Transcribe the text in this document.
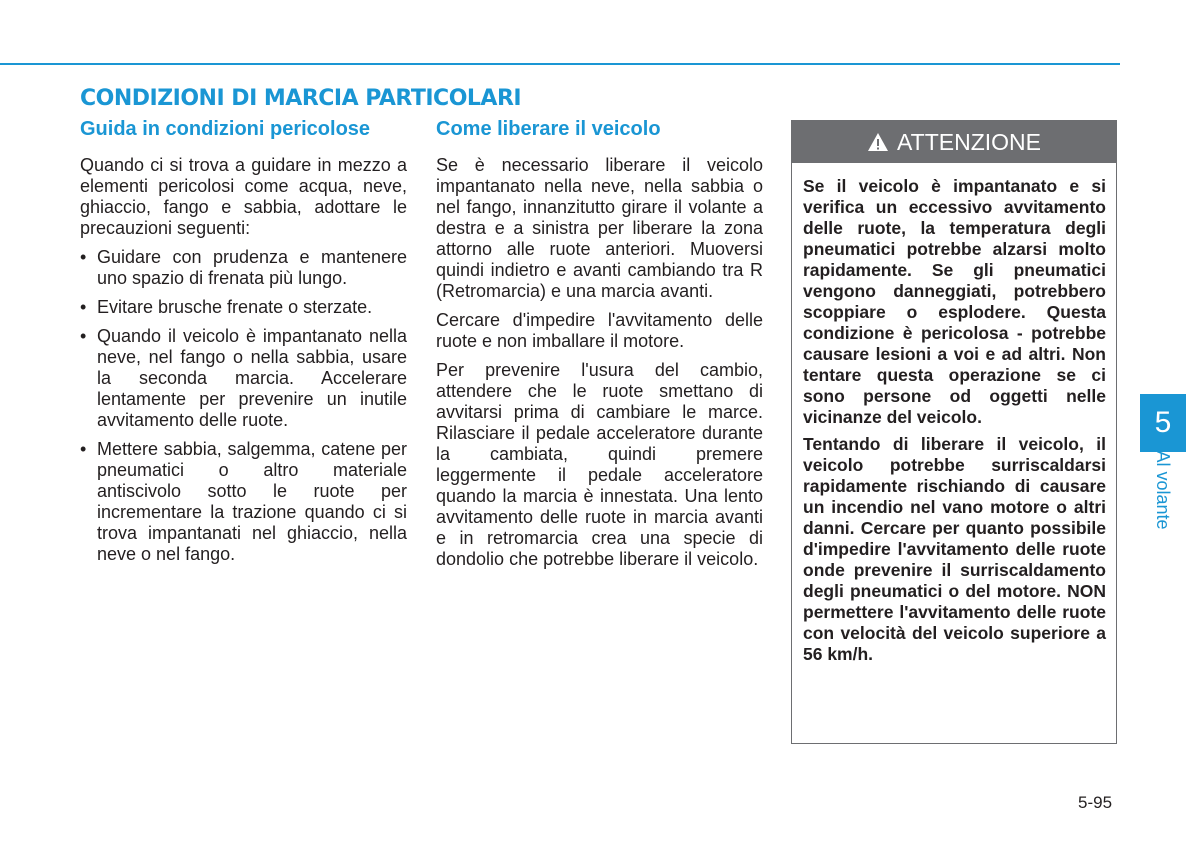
CONDIZIONI DI MARCIA PARTICOLARI
Guida in condizioni pericolose

Quando ci si trova a guidare in mezzo a elementi pericolosi come acqua, neve, ghiaccio, fango e sabbia, adottare le precauzioni seguenti:

• Guidare con prudenza e mantenere uno spazio di frenata più lungo.
• Evitare brusche frenate o sterzate.
• Quando il veicolo è impantanato nella neve, nel fango o nella sabbia, usare la seconda marcia. Accelerare lentamente per prevenire un inutile avvitamento delle ruote.
• Mettere sabbia, salgemma, catene per pneumatici o altro materiale antiscivolo sotto le ruote per incrementare la trazione quando ci si trova impantanati nel ghiaccio, nella neve o nel fango.
Come liberare il veicolo

Se è necessario liberare il veicolo impantanato nella neve, nella sabbia o nel fango, innanzitutto girare il volante a destra e a sinistra per liberare la zona attorno alle ruote anteriori. Muoversi quindi indietro e avanti cambiando tra R (Retromarcia) e una marcia avanti.

Cercare d'impedire l'avvitamento delle ruote e non imballare il motore.

Per prevenire l'usura del cambio, attendere che le ruote smettano di avvitarsi prima di cambiare le marce. Rilasciare il pedale acceleratore durante la cambiata, quindi premere leggermente il pedale acceleratore quando la marcia è innestata. Una lento avvitamento delle ruote in marcia avanti e in retromarcia crea una specie di dondolio che potrebbe liberare il veicolo.

ATTENZIONE

Se il veicolo è impantanato e si verifica un eccessivo avvitamento delle ruote, la temperatura degli pneumatici potrebbe alzarsi molto rapidamente. Se gli pneumatici vengono danneggiati, potrebbero scoppiare o esplodere. Questa condizione è pericolosa - potrebbe causare lesioni a voi e ad altri. Non tentare questa operazione se ci sono persone od oggetti nelle vicinanze del veicolo.

Tentando di liberare il veicolo, il veicolo potrebbe surriscaldarsi rapidamente rischiando di causare un incendio nel vano motore o altri danni. Cercare per quanto possibile d'impedire l'avvitamento delle ruote onde prevenire il surriscaldamento degli pneumatici o del motore. NON permettere l'avvitamento delle ruote con velocità del veicolo superiore a 56 km/h.

5
Al volante
5-95
